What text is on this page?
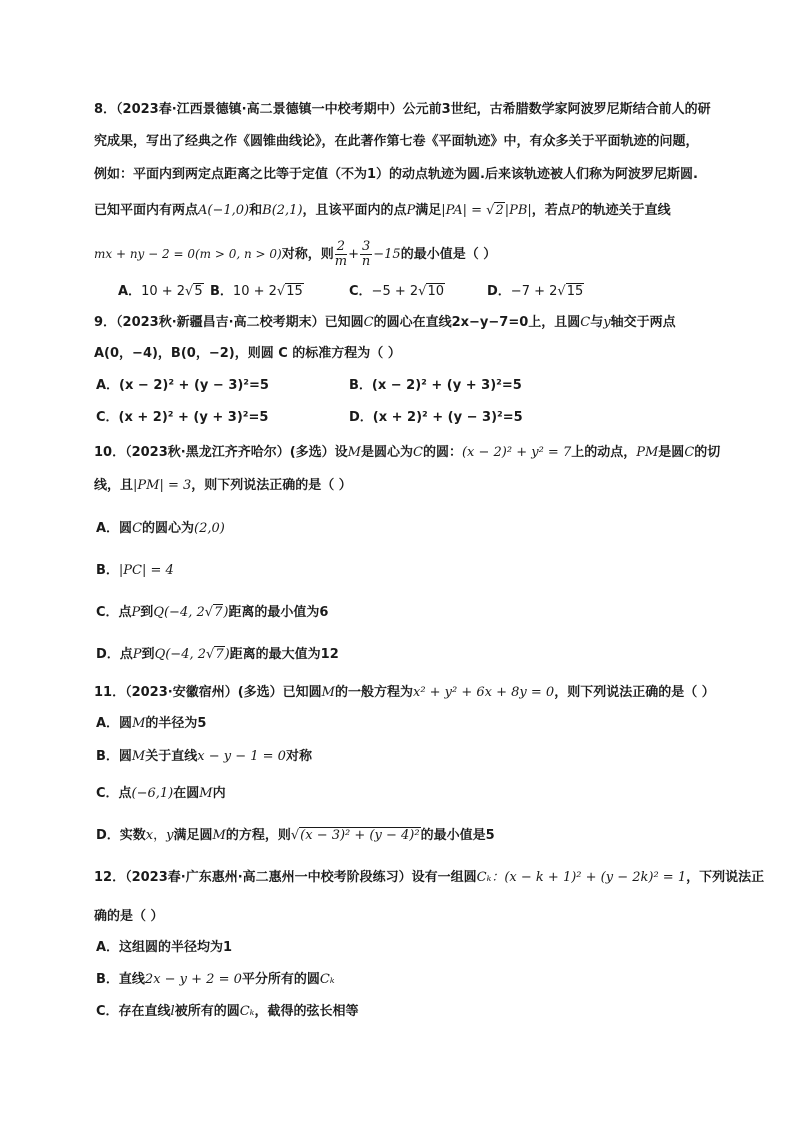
8．（2023春·江西景德镇·高二景德镇一中校考期中）公元前3世纪，古希腊数学家阿波罗尼斯结合前人的研
究成果，写出了经典之作《圆锥曲线论》，在此著作第七卷《平面轨迹》中，有众多关于平面轨迹的问题，
例如：平面内到两定点距离之比等于定值（不为1）的动点轨迹为圆.后来该轨迹被人们称为阿波罗尼斯圆.
已知平面内有两点A(−1,0)和B(2,1)，且该平面内的点P满足|PA| = √2|PB|，若点P的轨迹关于直线
mx + ny − 2 = 0(m > 0, n > 0)对称，则 $\frac{2}{m} + \frac{3}{n} -15$的最小值是（ ）
A．10 + 2√5 B．10 + 2√15	C．−5 + 2√10	D．−7 + 2√15
9．（2023秋·新疆昌吉·高二校考期末）已知圆C的圆心在直线2x−y−7=0上，且圆C与y轴交于两点
A(0，−4)，B(0，−2)，则圆 C 的标准方程为（ ）
A．(x − 2)² + (y − 3)²=5	B．(x − 2)² + (y + 3)²=5
C．(x + 2)² + (y + 3)²=5	D．(x + 2)² + (y − 3)²=5
10．（2023秋·黑龙江齐齐哈尔）(多选）设M是圆心为C的圆：(x − 2)² + y² = 7上的动点，PM是圆C的切
线，且|PM| = 3，则下列说法正确的是（ ）
A．圆C的圆心为(2,0)
B．|PC| = 4
C．点P到Q(−4, 2√7)距离的最小值为6
D．点P到Q(−4, 2√7)距离的最大值为12
11．（2023·安徽宿州）(多选）已知圆M的一般方程为x² + y² + 6x + 8y = 0，则下列说法正确的是（ ）
A．圆M的半径为5
B．圆M关于直线x − y − 1 = 0对称
C．点(−6,1)在圆M内
D．实数x，y满足圆M的方程，则√(x − 3)² + (y − 4)²的最小值是5
12．（2023春·广东惠州·高二惠州一中校考阶段练习）设有一组圆Cₖ：(x − k + 1)² + (y − 2k)² = 1，下列说法正
确的是（ ）
A．这组圆的半径均为1
B．直线2x − y + 2 = 0平分所有的圆Cₖ
C．存在直线l被所有的圆Cₖ，截得的弦长相等
